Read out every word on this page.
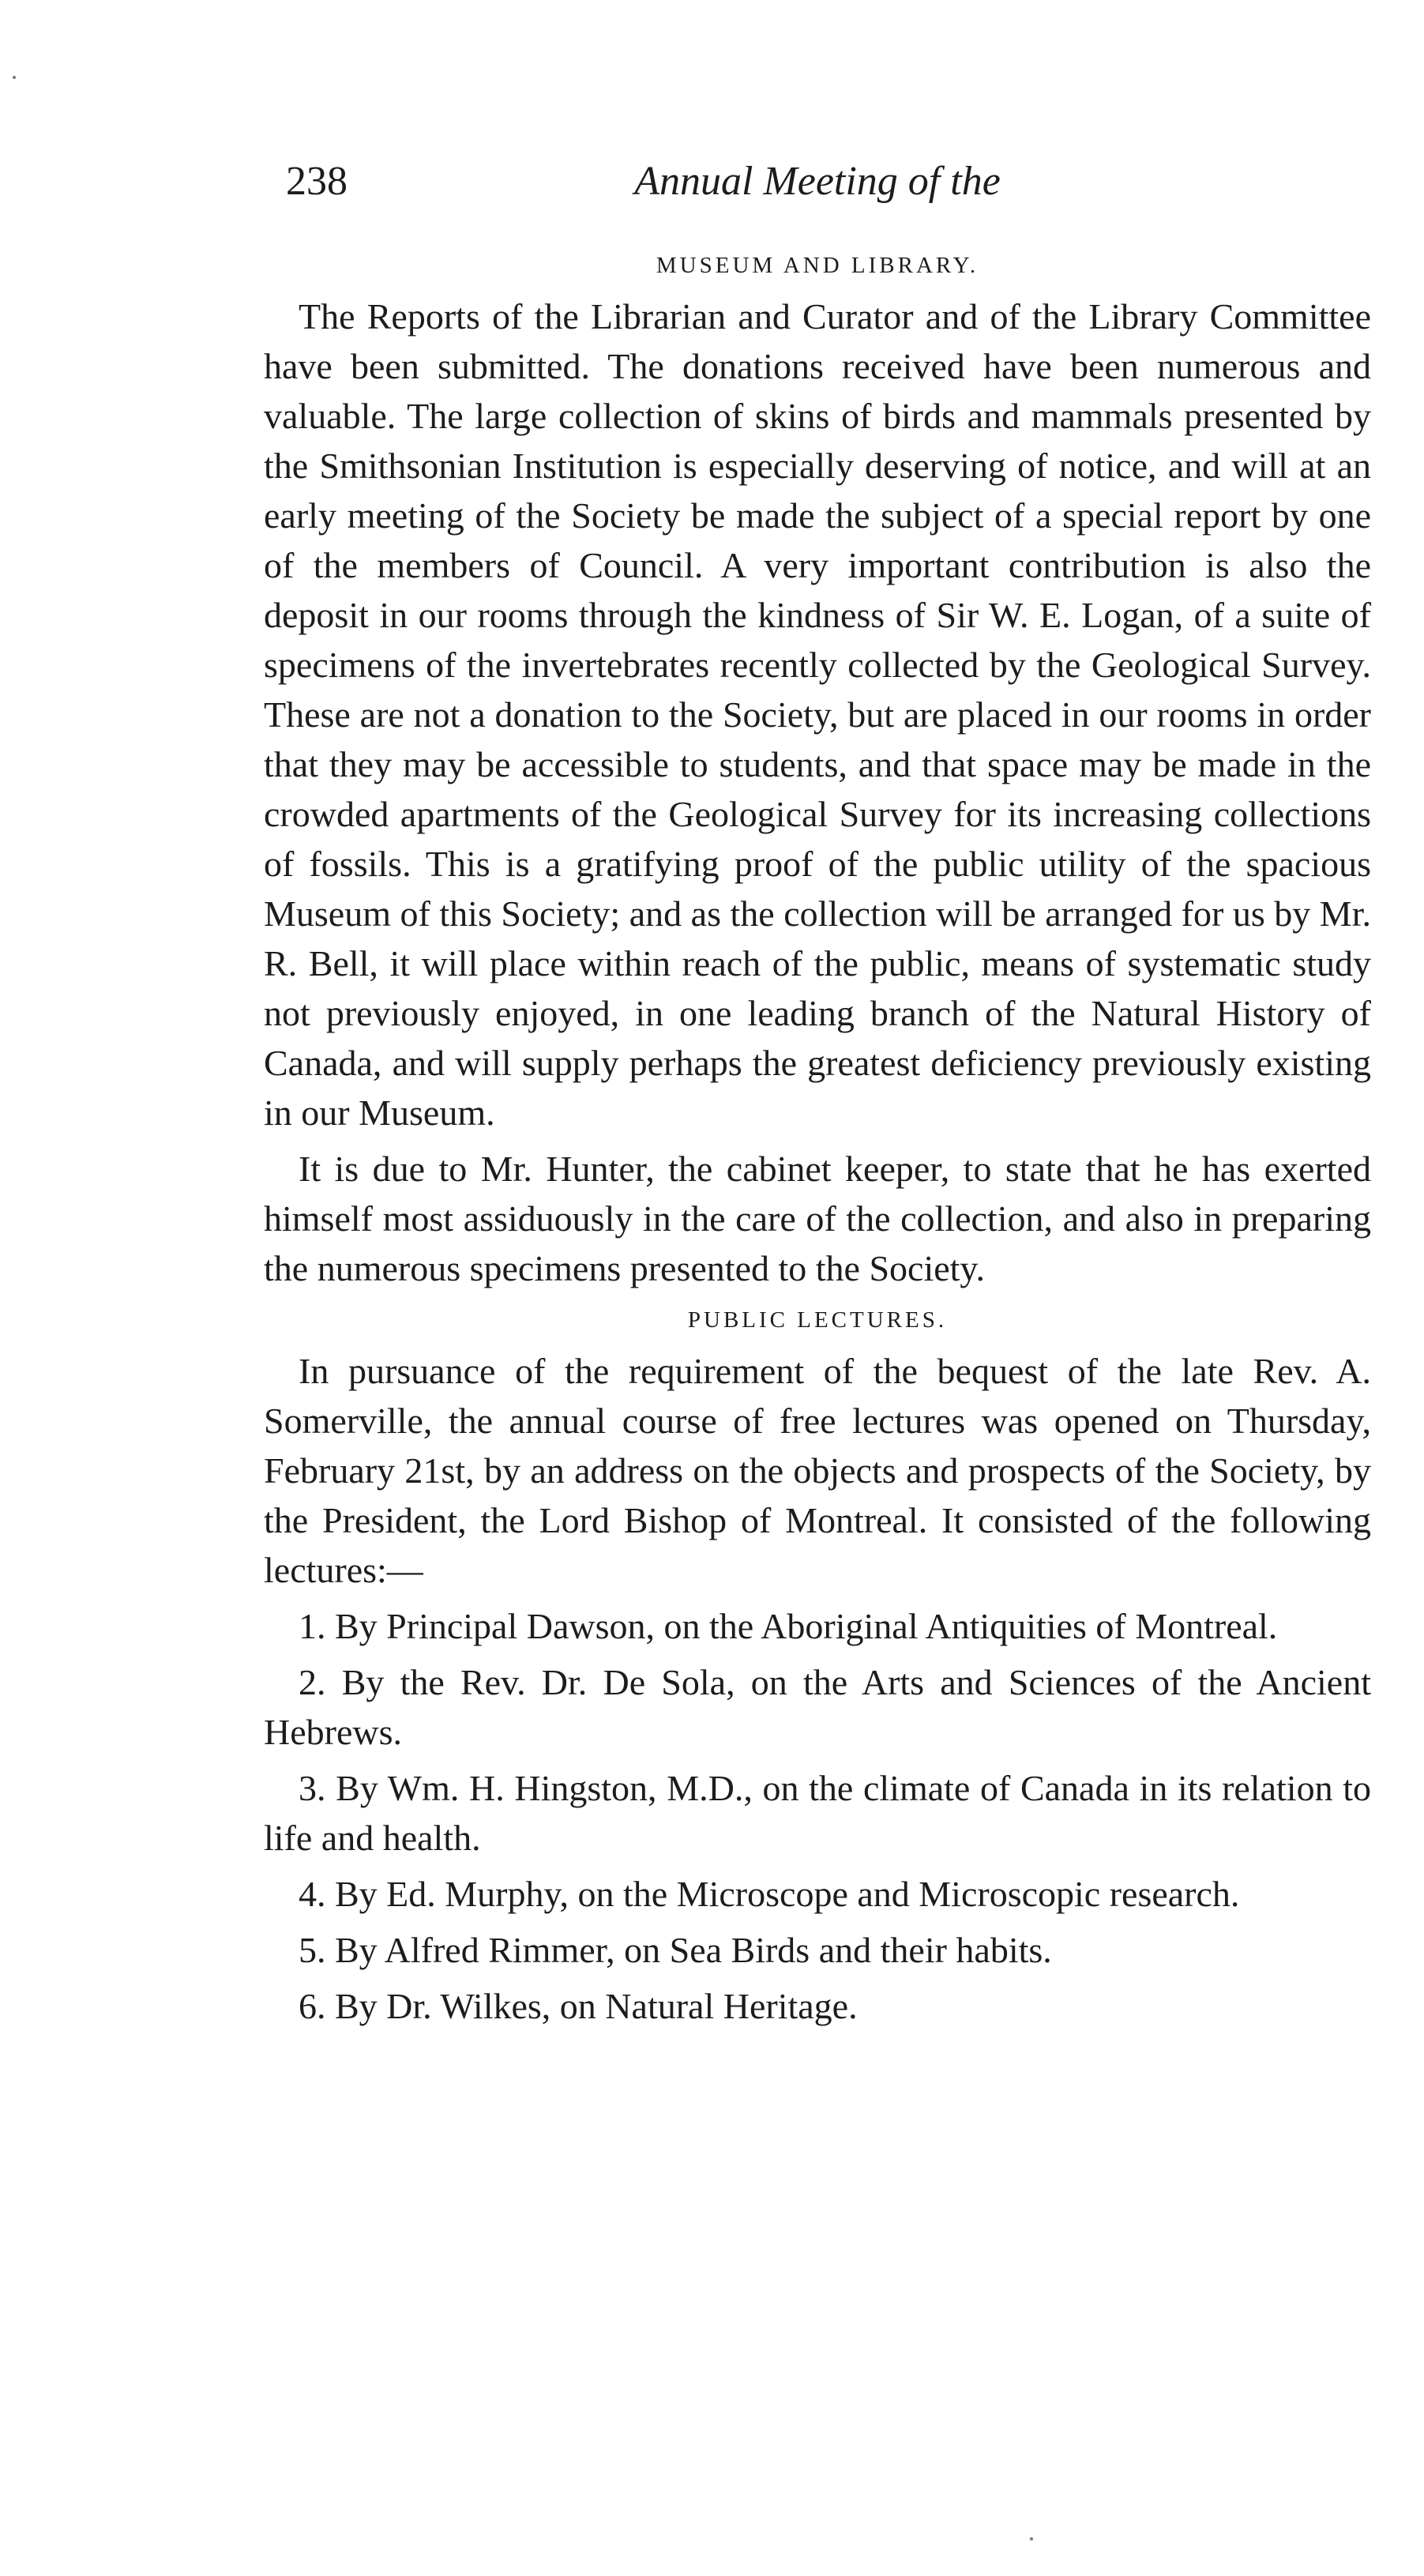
238	Annual Meeting of the
MUSEUM AND LIBRARY.

The Reports of the Librarian and Curator and of the Library Committee have been submitted. The donations received have been numerous and valuable. The large collection of skins of birds and mammals presented by the Smithsonian Institution is especially deserving of notice, and will at an early meeting of the Society be made the subject of a special report by one of the members of Council. A very important contribution is also the deposit in our rooms through the kindness of Sir W. E. Logan, of a suite of specimens of the invertebrates recently collected by the Geological Survey. These are not a donation to the Society, but are placed in our rooms in order that they may be accessible to students, and that space may be made in the crowded apartments of the Geological Survey for its increasing collections of fossils. This is a gratifying proof of the public utility of the spacious Museum of this Society; and as the collection will be arranged for us by Mr. R. Bell, it will place within reach of the public, means of systematic study not previously enjoyed, in one leading branch of the Natural History of Canada, and will supply perhaps the greatest deficiency previously existing in our Museum.

It is due to Mr. Hunter, the cabinet keeper, to state that he has exerted himself most assiduously in the care of the collection, and also in preparing the numerous specimens presented to the Society.

PUBLIC LECTURES.

In pursuance of the requirement of the bequest of the late Rev. A. Somerville, the annual course of free lectures was opened on Thursday, February 21st, by an address on the objects and prospects of the Society, by the President, the Lord Bishop of Montreal. It consisted of the following lectures:—

1. By Principal Dawson, on the Aboriginal Antiquities of Montreal.

2. By the Rev. Dr. De Sola, on the Arts and Sciences of the Ancient Hebrews.

3. By Wm. H. Hingston, M.D., on the climate of Canada in its relation to life and health.

4. By Ed. Murphy, on the Microscope and Microscopic research.

5. By Alfred Rimmer, on Sea Birds and their habits.

6. By Dr. Wilkes, on Natural Heritage.
